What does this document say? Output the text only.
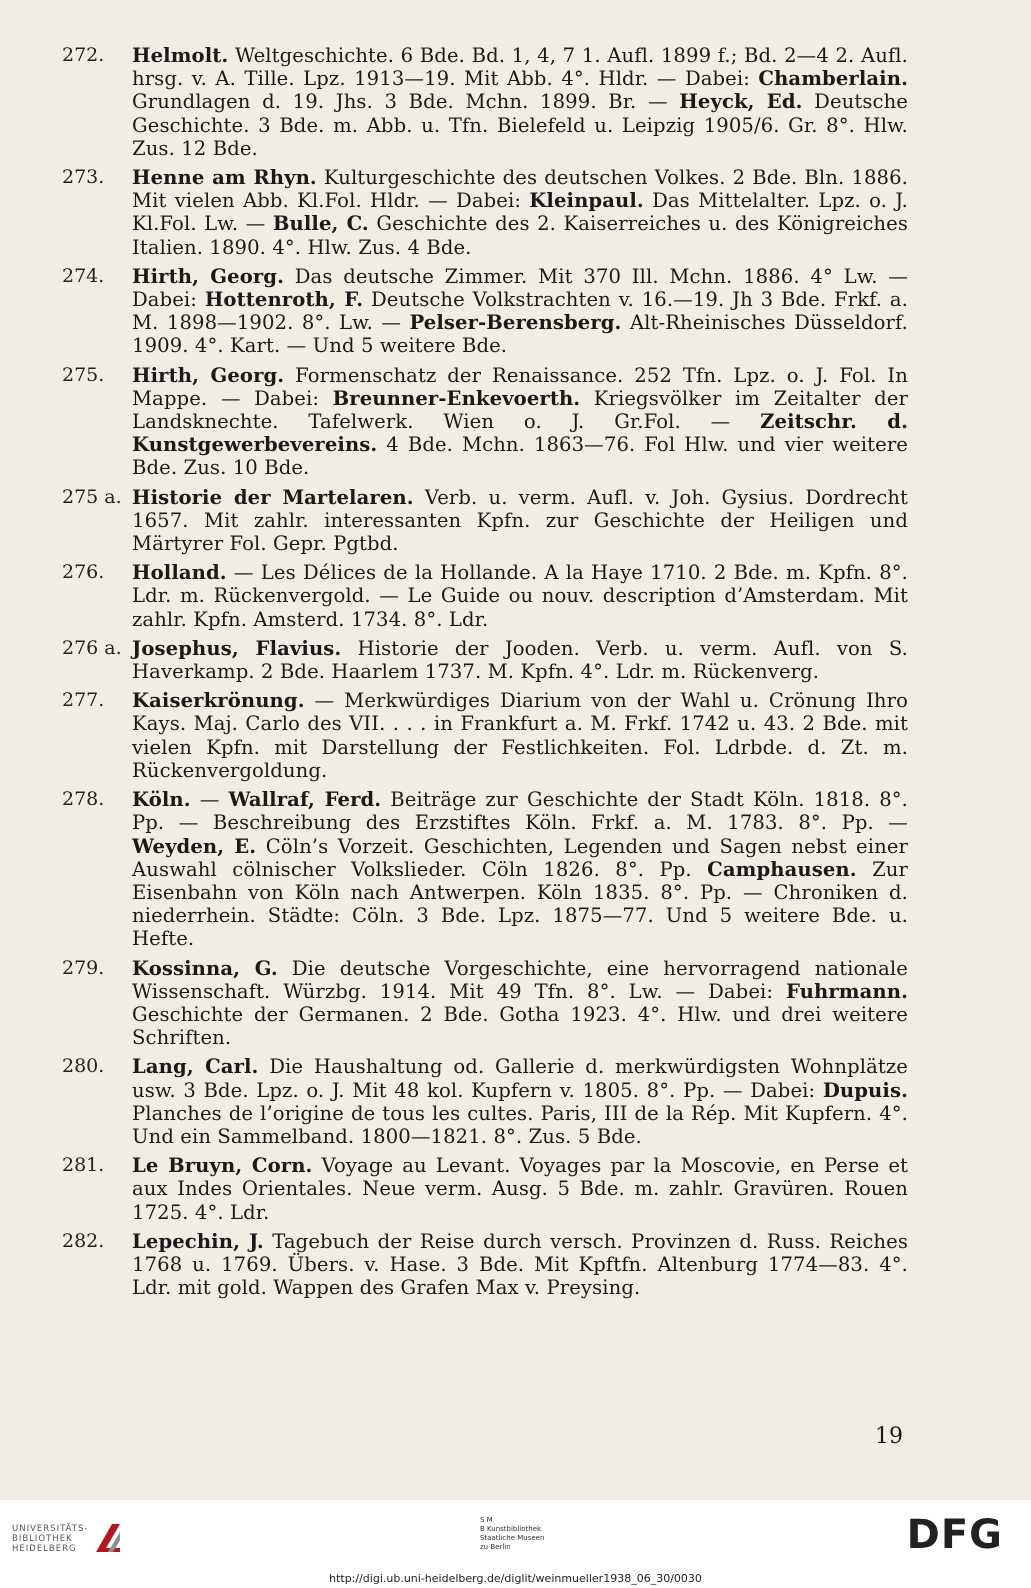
272.	Helmolt. Weltgeschichte. 6 Bde. Bd. 1, 4, 7 1. Aufl. 1899 f.; Bd. 2—4 2. Aufl. hrsg. v. A. Tille. Lpz. 1913—19. Mit Abb. 4°. Hldr. — Dabei: Chamberlain. Grundlagen d. 19. Jhs. 3 Bde. Mchn. 1899. Br. — Heyck, Ed. Deutsche Geschichte. 3 Bde. m. Abb. u. Tfn. Bielefeld u. Leipzig 1905/6. Gr. 8°. Hlw. Zus. 12 Bde.
273.	Henne am Rhyn. Kulturgeschichte des deutschen Volkes. 2 Bde. Bln. 1886. Mit vielen Abb. Kl.Fol. Hldr. — Dabei: Kleinpaul. Das Mittelalter. Lpz. o. J. Kl.Fol. Lw. — Bulle, C. Geschichte des 2. Kaiserreiches u. des Königreiches Italien. 1890. 4°. Hlw. Zus. 4 Bde.
274.	Hirth, Georg. Das deutsche Zimmer. Mit 370 Ill. Mchn. 1886. 4° Lw. — Dabei: Hottenroth, F. Deutsche Volkstrachten v. 16.—19. Jh 3 Bde. Frkf. a. M. 1898—1902. 8°. Lw. — Pelser-Berensberg. Alt-Rheinisches Düsseldorf. 1909. 4°. Kart. — Und 5 weitere Bde.
275.	Hirth, Georg. Formenschatz der Renaissance. 252 Tfn. Lpz. o. J. Fol. In Mappe. — Dabei: Breunner-Enkevoerth. Kriegsvölker im Zeitalter der Landsknechte. Tafelwerk. Wien o. J. Gr.Fol. — Zeitschr. d. Kunstgewerbevereins. 4 Bde. Mchn. 1863—76. Fol Hlw. und vier weitere Bde. Zus. 10 Bde.
275 a. Historie der Martelaren. Verb. u. verm. Aufl. v. Joh. Gysius. Dordrecht 1657. Mit zahlr. interessanten Kpfn. zur Geschichte der Heiligen und Märtyrer Fol. Gepr. Pgtbd.
276.	Holland. — Les Délices de la Hollande. A la Haye 1710. 2 Bde. m. Kpfn. 8°. Ldr. m. Rückenvergold. — Le Guide ou nouv. description d’Amsterdam. Mit zahlr. Kpfn. Amsterd. 1734. 8°. Ldr.
276 a. Josephus, Flavius. Historie der Jooden. Verb. u. verm. Aufl. von S. Haverkamp. 2 Bde. Haarlem 1737. M. Kpfn. 4°. Ldr. m. Rückenverg.
277.	Kaiserkrönung. — Merkwürdiges Diarium von der Wahl u. Crönung Ihro Kays. Maj. Carlo des VII. . . . in Frankfurt a. M. Frkf. 1742 u. 43. 2 Bde. mit vielen Kpfn. mit Darstellung der Festlichkeiten. Fol. Ldrbde. d. Zt. m. Rückenvergoldung.
278.	Köln. — Wallraf, Ferd. Beiträge zur Geschichte der Stadt Köln. 1818. 8°. Pp. — Beschreibung des Erzstiftes Köln. Frkf. a. M. 1783. 8°. Pp. — Weyden, E. Cöln’s Vorzeit. Geschichten, Legenden und Sagen nebst einer Auswahl cölnischer Volkslieder. Cöln 1826. 8°. Pp. Camphausen. Zur Eisenbahn von Köln nach Antwerpen. Köln 1835. 8°. Pp. — Chroniken d. niederrhein. Städte: Cöln. 3 Bde. Lpz. 1875—77. Und 5 weitere Bde. u. Hefte.
279.	Kossinna, G. Die deutsche Vorgeschichte, eine hervorragend nationale Wissenschaft. Würzbg. 1914. Mit 49 Tfn. 8°. Lw. — Dabei: Fuhrmann. Geschichte der Germanen. 2 Bde. Gotha 1923. 4°. Hlw. und drei weitere Schriften.
280.	Lang, Carl. Die Haushaltung od. Gallerie d. merkwürdigsten Wohnplätze usw. 3 Bde. Lpz. o. J. Mit 48 kol. Kupfern v. 1805. 8°. Pp. — Dabei: Dupuis. Planches de l’origine de tous les cultes. Paris, III de la Rép. Mit Kupfern. 4°. Und ein Sammelband. 1800—1821. 8°. Zus. 5 Bde.
281.	Le Bruyn, Corn. Voyage au Levant. Voyages par la Moscovie, en Perse et aux Indes Orientales. Neue verm. Ausg. 5 Bde. m. zahlr. Gravüren. Rouen 1725. 4°. Ldr.
282.	Lepechin, J. Tagebuch der Reise durch versch. Provinzen d. Russ. Reiches 1768 u. 1769. Übers. v. Hase. 3 Bde. Mit Kpftfn. Altenburg 1774—83. 4°. Ldr. mit gold. Wappen des Grafen Max v. Preysing.
19
UNIVERSITÄTS-
BIBLIOTHEK
HEIDELBERG
S M
B Kunstbibliothek
Staatliche Museen
zu Berlin	DFG
http://digi.ub.uni-heidelberg.de/diglit/weinmueller1938_06_30/0030
